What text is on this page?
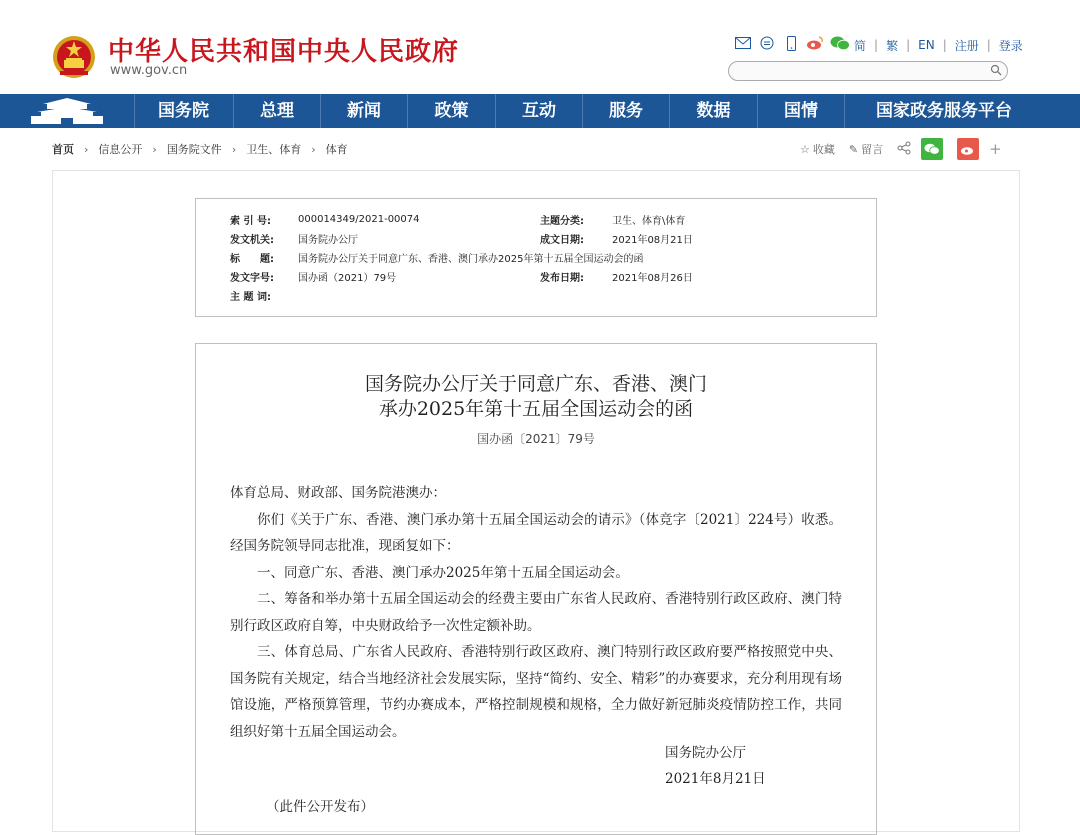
中华人民共和国中央人民政府
www.gov.cn
简 | 繁 | EN | 注册 | 登录
国务院	总理	新闻	政策	互动	服务	数据	国情	国家政务服务平台
首页 › 信息公开 › 国务院文件 › 卫生、体育 › 体育	☆ 收藏 ✎ 留言	+
索 引 号:	000014349/2021-00074	主题分类:	卫生、体育\体育
发文机关:	国务院办公厅	成文日期:	2021年08月21日
标　　题:	国务院办公厅关于同意广东、香港、澳门承办2025年第十五届全国运动会的函
发文字号:	国办函（2021）79号	发布日期:	2021年08月26日
主 题 词:
国务院办公厅关于同意广东、香港、澳门
承办2025年第十五届全国运动会的函
国办函〔2021〕79号

体育总局、财政部、国务院港澳办：

你们《关于广东、香港、澳门承办第十五届全国运动会的请示》（体竞字〔2021〕224号）收悉。经国务院领导同志批准，现函复如下：

一、同意广东、香港、澳门承办2025年第十五届全国运动会。

二、筹备和举办第十五届全国运动会的经费主要由广东省人民政府、香港特别行政区政府、澳门特别行政区政府自筹，中央财政给予一次性定额补助。

三、体育总局、广东省人民政府、香港特别行政区政府、澳门特别行政区政府要严格按照党中央、国务院有关规定，结合当地经济社会发展实际，坚持“简约、安全、精彩”的办赛要求，充分利用现有场馆设施，严格预算管理，节约办赛成本，严格控制规模和规格，全力做好新冠肺炎疫情防控工作，共同组织好第十五届全国运动会。

国务院办公厅
2021年8月21日
（此件公开发布）
